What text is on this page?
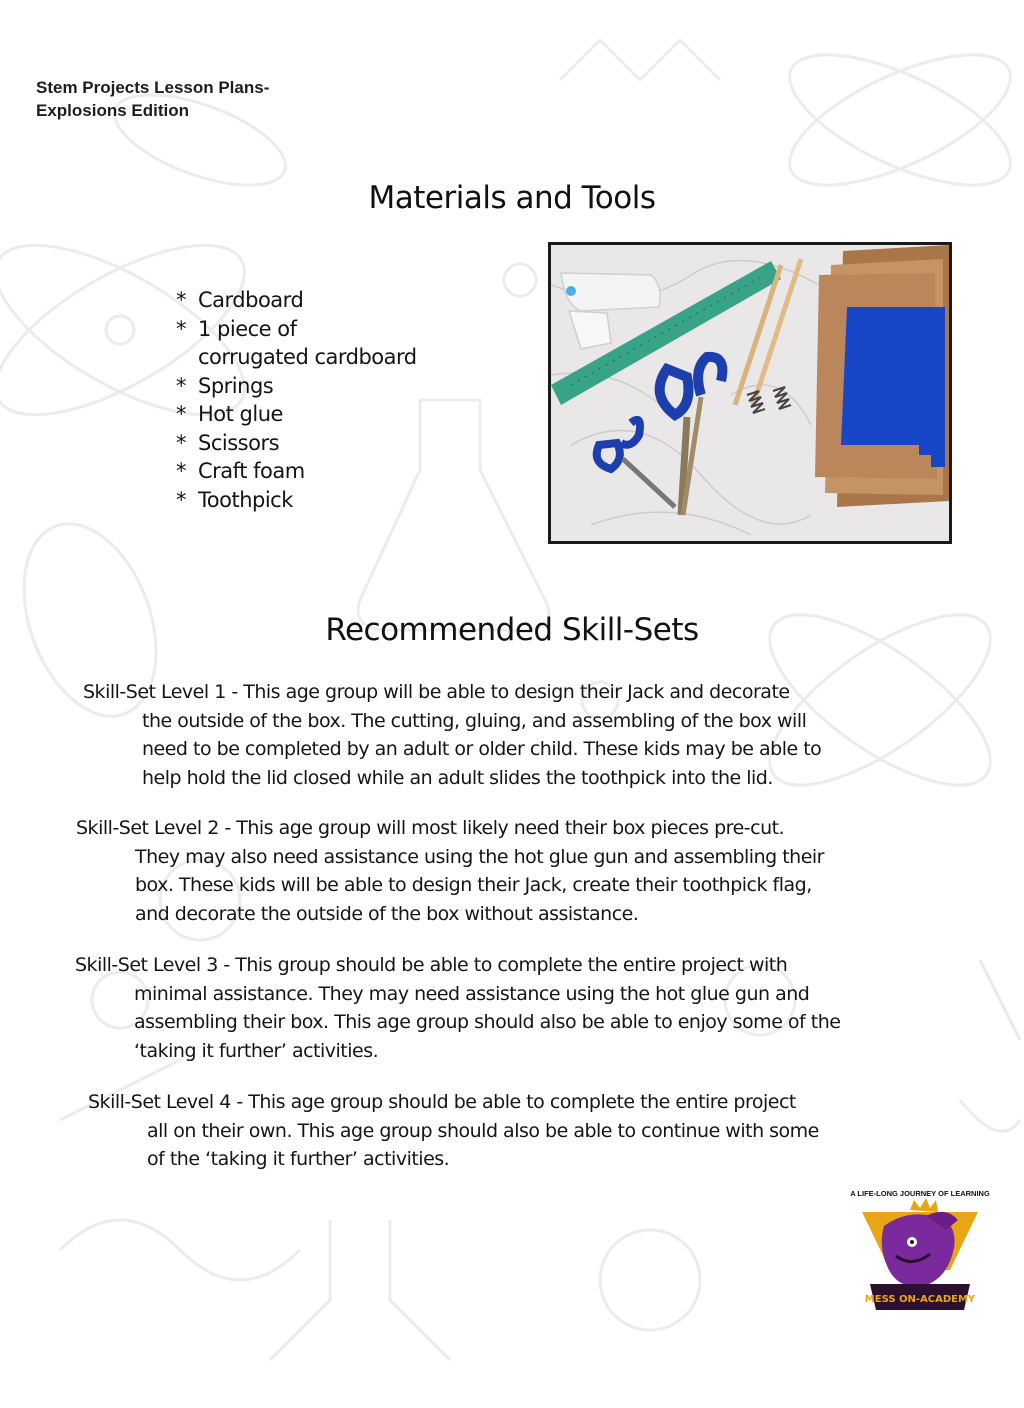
Stem Projects Lesson Plans-
Explosions Edition
Materials and Tools
* Cardboard
* 1 piece of
corrugated cardboard
* Springs
* Hot glue
* Scissors
* Craft foam
* Toothpick
Recommended Skill-Sets
Skill-Set Level 1 - This age group will be able to design their Jack and decorate
the outside of the box. The cutting, gluing, and assembling of the box will
need to be completed by an adult or older child. These kids may be able to
help hold the lid closed while an adult slides the toothpick into the lid.
Skill-Set Level 2 - This age group will most likely need their box pieces pre-cut.
They may also need assistance using the hot glue gun and assembling their
box. These kids will be able to design their Jack, create their toothpick flag,
and decorate the outside of the box without assistance.
Skill-Set Level 3 - This group should be able to complete the entire project with
minimal assistance. They may need assistance using the hot glue gun and
assembling their box. This age group should also be able to enjoy some of the
‘taking it further’ activities.
Skill-Set Level 4 - This age group should be able to complete the entire project
all on their own. This age group should also be able to continue with some
of the ‘taking it further’ activities.
A LIFE-LONG JOURNEY OF LEARNING
MESS ON-ACADEMY
